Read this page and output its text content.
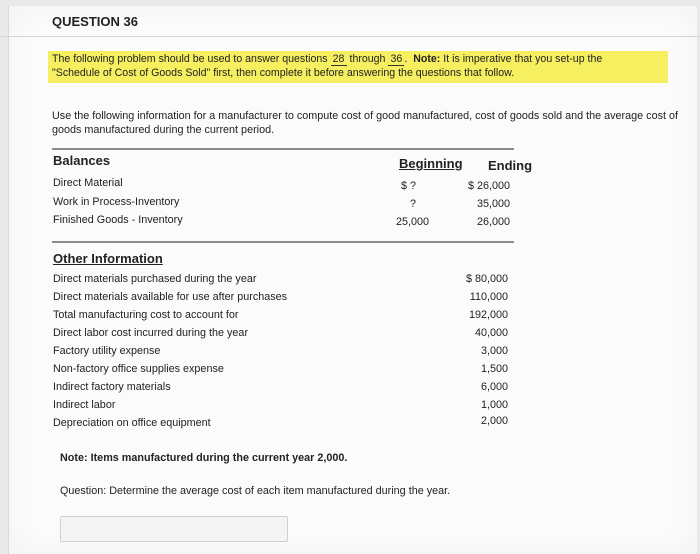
QUESTION 36
The following problem should be used to answer questions 28 through 36 . Note: It is imperative that you set-up the
"Schedule of Cost of Goods Sold" first, then complete it before answering the questions that follow.
Use the following information for a manufacturer to compute cost of good manufactured, cost of goods sold and the average cost of goods manufactured during the current period.
Balances	Beginning Ending
Direct Material	$ ?	$ 26,000
Work in Process-Inventory	?	35,000
Finished Goods - Inventory	25,000	26,000
Other Information
Direct materials purchased during the year	$ 80,000
Direct materials available for use after purchases	110,000
Total manufacturing cost to account for	192,000
Direct labor cost incurred during the year	40,000
Factory utility expense	3,000
Non-factory office supplies expense	1,500
Indirect factory materials	6,000
Indirect labor	1,000
Depreciation on office equipment	2,000
Note: Items manufactured during the current year 2,000.
Question: Determine the average cost of each item manufactured during the year.
